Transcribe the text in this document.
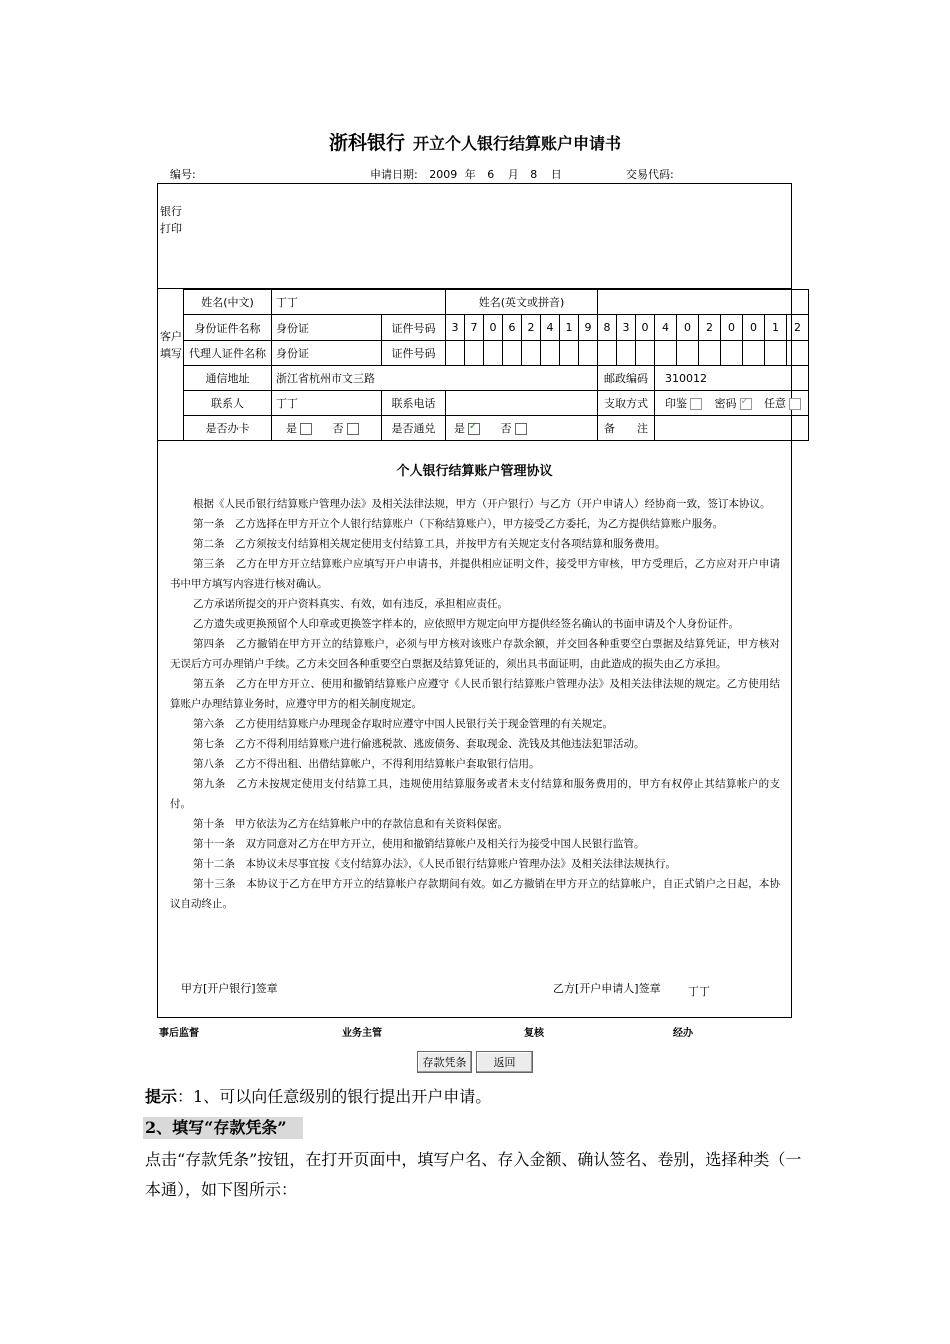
浙科银行 开立个人银行结算账户申请书
编号:	申请日期: 2009 年 6 月 8 日	交易代码:
银行打印
客户填写
姓名(中文)	丁丁		姓名(英文或拼音)																	
身份证件名称	身份证	证件号码	3	7	0	6	2	4	1	9	8	3	0	4	0	2	0	0	1	2
代理人证件名称	身份证	证件号码																		
通信地址	浙江省杭州市文三路										邮政编码			310012						
联系人	丁丁	联系电话									支取方式			印鉴 密码 ✓ 任意
是否办卡	是 否	是否通兑	是 ✓ 否								备　　注									
个人银行结算账户管理协议

根据《人民币银行结算账户管理办法》及相关法律法规，甲方（开户银行）与乙方（开户申请人）经协商一致，签订本协议。

第一条　乙方选择在甲方开立个人银行结算账户（下称结算账户），甲方接受乙方委托，为乙方提供结算账户服务。

第二条　乙方须按支付结算相关规定使用支付结算工具，并按甲方有关规定支付各项结算和服务费用。

第三条　乙方在甲方开立结算账户应填写开户申请书，并提供相应证明文件，接受甲方审核，甲方受理后，乙方应对开户申请书中甲方填写内容进行核对确认。

乙方承诺所提交的开户资料真实、有效，如有违反，承担相应责任。

乙方遗失或更换预留个人印章或更换签字样本的，应依照甲方规定向甲方提供经签名确认的书面申请及个人身份证件。

第四条　乙方撤销在甲方开立的结算账户，必须与甲方核对该账户存款余额，并交回各种重要空白票据及结算凭证，甲方核对无误后方可办理销户手续。乙方未交回各种重要空白票据及结算凭证的，须出具书面证明，由此造成的损失由乙方承担。

第五条　乙方在甲方开立、使用和撤销结算账户应遵守《人民币银行结算账户管理办法》及相关法律法规的规定。乙方使用结算账户办理结算业务时，应遵守甲方的相关制度规定。

第六条　乙方使用结算账户办理现金存取时应遵守中国人民银行关于现金管理的有关规定。

第七条　乙方不得利用结算账户进行偷逃税款、逃废债务、套取现金、洗钱及其他违法犯罪活动。

第八条　乙方不得出租、出借结算帐户，不得利用结算帐户套取银行信用。

第九条　乙方未按规定使用支付结算工具，违规使用结算服务或者未支付结算和服务费用的，甲方有权停止其结算帐户的支付。

第十条　甲方依法为乙方在结算帐户中的存款信息和有关资料保密。

第十一条　双方同意对乙方在甲方开立，使用和撤销结算帐户及相关行为接受中国人民银行监管。

第十二条　本协议未尽事宜按《支付结算办法》，《人民币银行结算账户管理办法》及相关法律法规执行。

第十三条　本协议于乙方在甲方开立的结算帐户存款期间有效。如乙方撤销在甲方开立的结算帐户，自正式销户之日起，本协议自动终止。

甲方[开户银行]签章	乙方[开户申请人]签章 丁丁
事后监督	业务主管	复核	经办
存款凭条	返回
提示：1、可以向任意级别的银行提出开户申请。
2、填写“存款凭条”
点击“存款凭条”按钮，在打开页面中，填写户名、存入金额、确认签名、卷别，选择种类（一本通），如下图所示：
